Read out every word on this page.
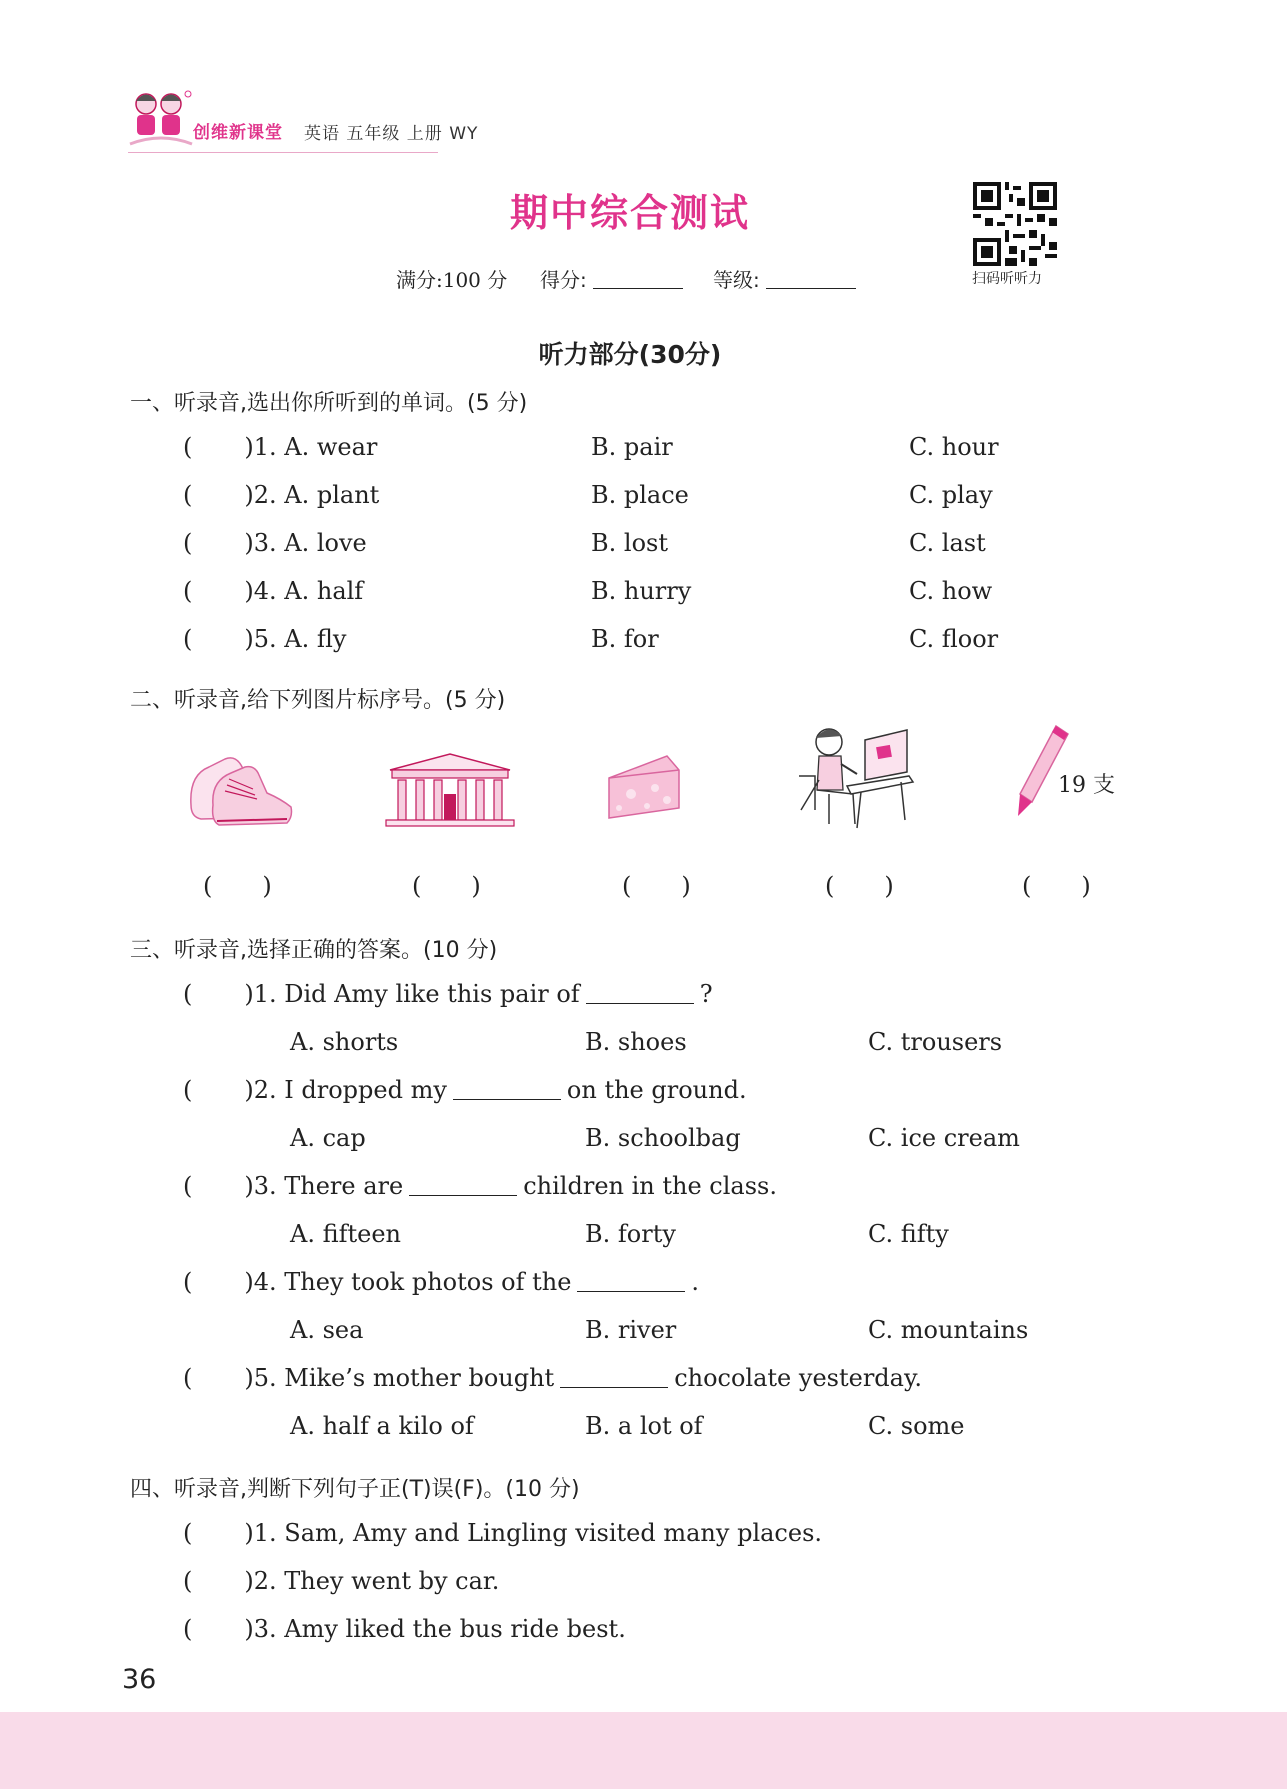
创维新课堂 英语 五年级 上册 WY
期中综合测试
满分:100 分 得分:	等级:	扫码听听力
听力部分(30分)
一、听录音,选出你所听到的单词。(5 分)
( )1. A. wear	B. pair	C. hour
( )2. A. plant	B. place	C. play
( )3. A. love	B. lost	C. last
( )4. A. half	B. hurry	C. how
( )5. A. fly	B. for	C. floor
二、听录音,给下列图片标序号。(5 分)
19 支
( )	( )	( )	( )	( )
三、听录音,选择正确的答案。(10 分)
( )1. Did Amy like this pair of	?
A. shorts	B. shoes	C. trousers
( )2. I dropped my	on the ground.
A. cap	B. schoolbag	C. ice cream
( )3. There are	children in the class.
A. fifteen	B. forty	C. fifty
( )4. They took photos of the	.
A. sea	B. river	C. mountains
( )5. Mike’s mother bought	chocolate yesterday.
A. half a kilo of	B. a lot of	C. some
四、听录音,判断下列句子正(T)误(F)。(10 分)
( )1. Sam, Amy and Lingling visited many places.
( )2. They went by car.
( )3. Amy liked the bus ride best.
36
